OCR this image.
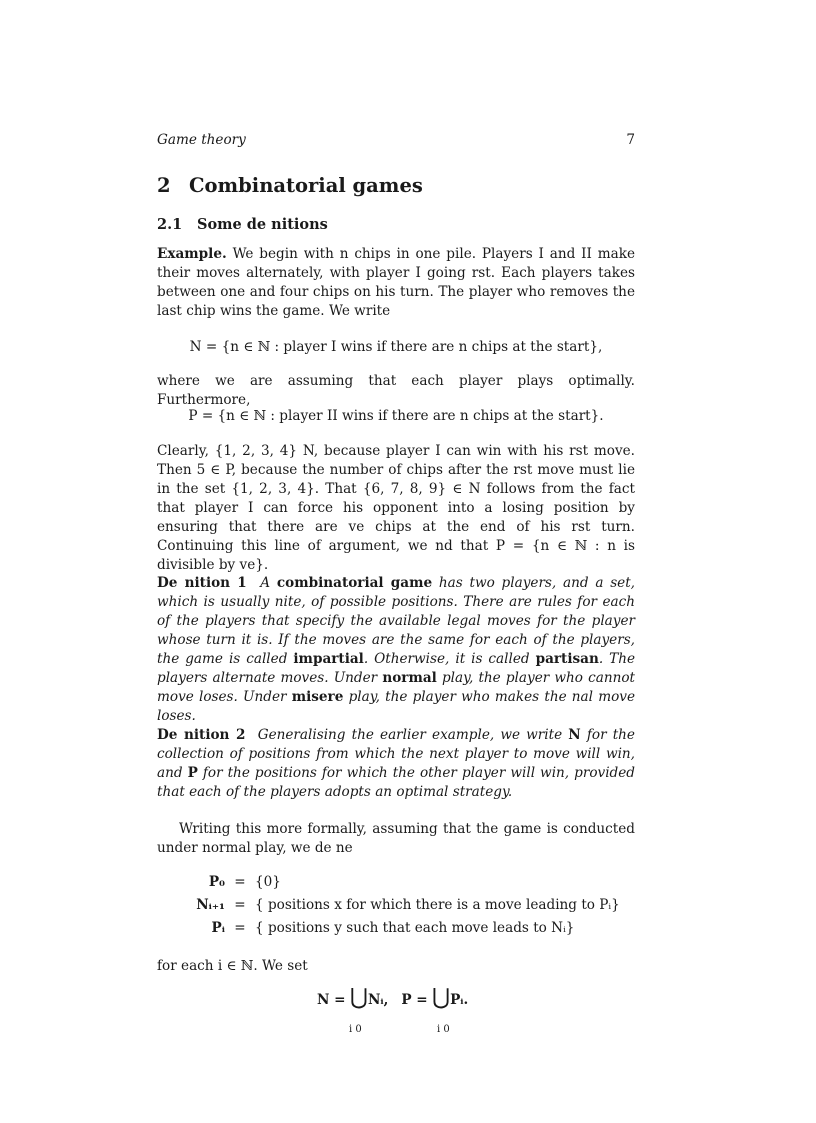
Game theory	7
2 Combinatorial games
2.1 Some de nitions

Example. We begin with n chips in one pile. Players I and II make their moves alternately, with player I going rst. Each players takes between one and four chips on his turn. The player who removes the last chip wins the game. We write

N = {n ∈ ℕ : player I wins if there are n chips at the start},
where we are assuming that each player plays optimally. Furthermore,
P = {n ∈ ℕ : player II wins if there are n chips at the start}.
Clearly, {1, 2, 3, 4} N, because player I can win with his rst move. Then 5 ∈ P, because the number of chips after the rst move must lie in the set {1, 2, 3, 4}. That {6, 7, 8, 9} ∈ N follows from the fact that player I can force his opponent into a losing position by ensuring that there are ve chips at the end of his rst turn. Continuing this line of argument, we nd that P = {n ∈ ℕ : n is divisible by ve}.

De nition 1 A combinatorial game has two players, and a set, which is usually nite, of possible positions. There are rules for each of the players that specify the available legal moves for the player whose turn it is. If the moves are the same for each of the players, the game is called impartial. Otherwise, it is called partisan. The players alternate moves. Under normal play, the player who cannot move loses. Under misere play, the player who makes the nal move loses.

De nition 2 Generalising the earlier example, we write N for the collection of positions from which the next player to move will win, and P for the positions for which the other player will win, provided that each of the players adopts an optimal strategy.

Writing this more formally, assuming that the game is conducted under normal play, we de ne
P₀ = {0}
Nᵢ₊₁ = { positions x for which there is a move leading to Pᵢ}
Pᵢ = { positions y such that each move leads to Nᵢ}
for each i ∈ ℕ. We set
N = ⋃Nᵢ, P = ⋃Pᵢ.
i 0	i 0
